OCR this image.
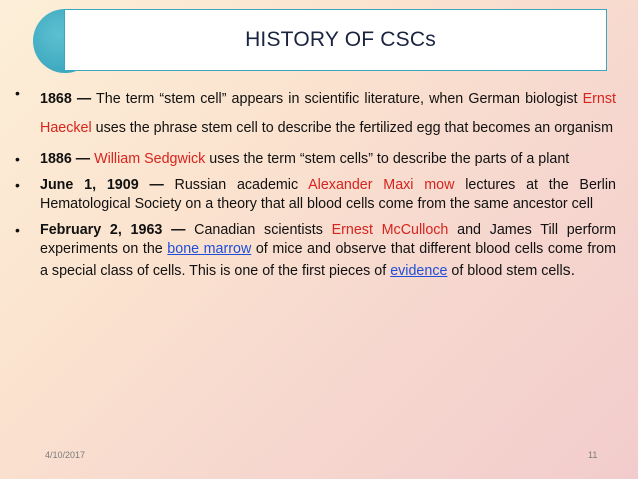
HISTORY OF CSCs
• 1868 — The term “stem cell” appears in scientific literature, when German biologist Ernst Haeckel uses the phrase stem cell to describe the fertilized egg that becomes an organism
• 1886 — William Sedgwick uses the term “stem cells” to describe the parts of a plant
• June 1, 1909 — Russian academic Alexander Maxi mow lectures at the Berlin Hematological Society on a theory that all blood cells come from the same ancestor cell
• February 2, 1963 — Canadian scientists Ernest McCulloch and James Till perform experiments on the bone marrow of mice and observe that different blood cells come from a special class of cells. This is one of the first pieces of evidence of blood stem cells.
4/10/2017	11
